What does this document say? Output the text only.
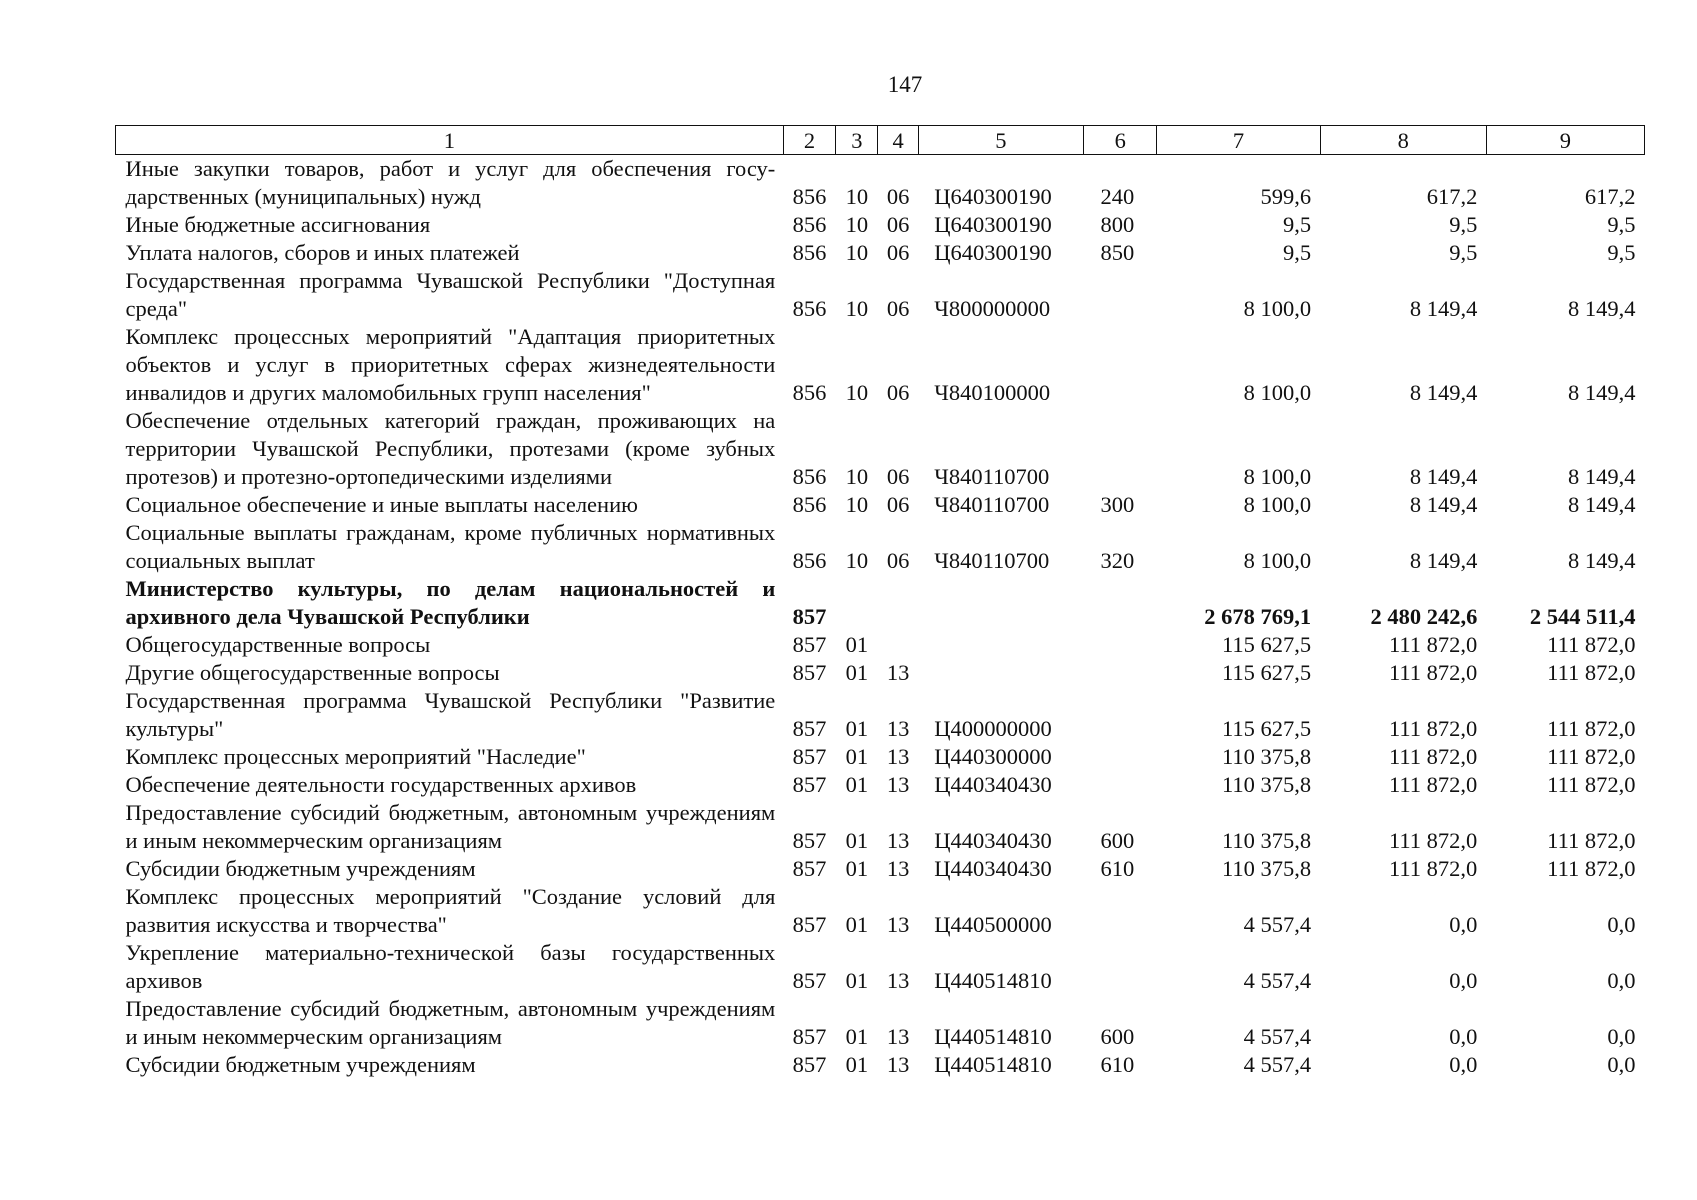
147
1	2	3	4	5	6	7	8	9
Иные закупки товаров, работ и услуг для обеспечения государственных (муниципальных) нужд	856	10	06	Ц640300190	240	599,6	617,2	617,2
Иные бюджетные ассигнования	856	10	06	Ц640300190	800	9,5	9,5	9,5
Уплата налогов, сборов и иных платежей	856	10	06	Ц640300190	850	9,5	9,5	9,5
Государственная программа Чувашской Республики "Доступная среда"	856	10	06	Ч800000000		8 100,0	8 149,4	8 149,4
Комплекс процессных мероприятий "Адаптация приоритетных объектов и услуг в приоритетных сферах жизнедеятельности инвалидов и других маломобильных групп населения"	856	10	06	Ч840100000		8 100,0	8 149,4	8 149,4
Обеспечение отдельных категорий граждан, проживающих на территории Чувашской Республики, протезами (кроме зубных протезов) и протезно-ортопедическими изделиями	856	10	06	Ч840110700		8 100,0	8 149,4	8 149,4
Социальное обеспечение и иные выплаты населению	856	10	06	Ч840110700	300	8 100,0	8 149,4	8 149,4
Социальные выплаты гражданам, кроме публичных нормативных социальных выплат	856	10	06	Ч840110700	320	8 100,0	8 149,4	8 149,4
Министерство культуры, по делам национальностей и архивного дела Чувашской Республики	857					2 678 769,1	2 480 242,6	2 544 511,4
Общегосударственные вопросы	857	01				115 627,5	111 872,0	111 872,0
Другие общегосударственные вопросы	857	01	13			115 627,5	111 872,0	111 872,0
Государственная программа Чувашской Республики "Развитие культуры"	857	01	13	Ц400000000		115 627,5	111 872,0	111 872,0
Комплекс процессных мероприятий "Наследие"	857	01	13	Ц440300000		110 375,8	111 872,0	111 872,0
Обеспечение деятельности государственных архивов	857	01	13	Ц440340430		110 375,8	111 872,0	111 872,0
Предоставление субсидий бюджетным, автономным учреждениям и иным некоммерческим организациям	857	01	13	Ц440340430	600	110 375,8	111 872,0	111 872,0
Субсидии бюджетным учреждениям	857	01	13	Ц440340430	610	110 375,8	111 872,0	111 872,0
Комплекс процессных мероприятий "Создание условий для развития искусства и творчества"	857	01	13	Ц440500000		4 557,4	0,0	0,0
Укрепление материально-технической базы государственных архивов	857	01	13	Ц440514810		4 557,4	0,0	0,0
Предоставление субсидий бюджетным, автономным учреждениям и иным некоммерческим организациям	857	01	13	Ц440514810	600	4 557,4	0,0	0,0
Субсидии бюджетным учреждениям	857	01	13	Ц440514810	610	4 557,4	0,0	0,0
